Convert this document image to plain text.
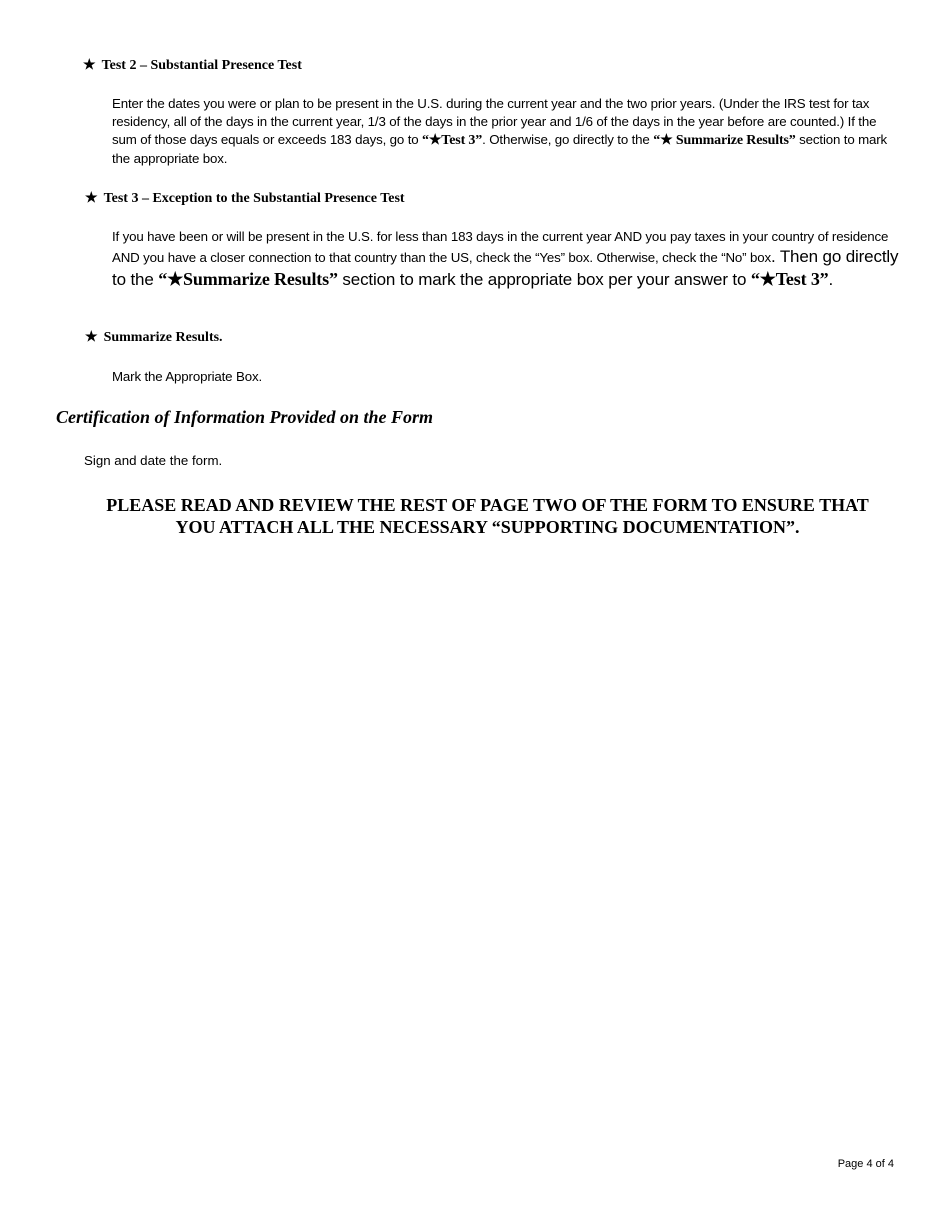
★ Test 2 – Substantial Presence Test
Enter the dates you were or plan to be present in the U.S. during the current year and the two prior years. (Under the IRS test for tax residency, all of the days in the current year, 1/3 of the days in the prior year and 1/6 of the days in the year before are counted.) If the sum of those days equals or exceeds 183 days, go to “★Test 3”. Otherwise, go directly to the “★ Summarize Results” section to mark the appropriate box.
★ Test 3 – Exception to the Substantial Presence Test
If you have been or will be present in the U.S. for less than 183 days in the current year AND you pay taxes in your country of residence AND you have a closer connection to that country than the US, check the “Yes” box. Otherwise, check the “No” box. Then go directly to the “★Summarize Results” section to mark the appropriate box per your answer to “★Test 3”.
★ Summarize Results.
Mark the Appropriate Box.
Certification of Information Provided on the Form
Sign and date the form.
PLEASE READ AND REVIEW THE REST OF PAGE TWO OF THE FORM TO ENSURE THAT
YOU ATTACH ALL THE NECESSARY “SUPPORTING DOCUMENTATION”.
Page 4 of 4
